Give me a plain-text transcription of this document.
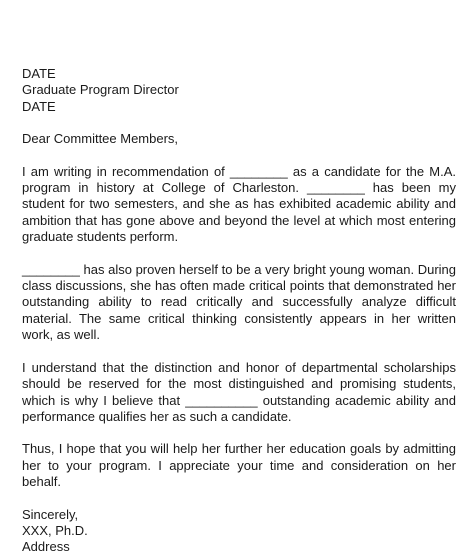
DATE
Graduate Program Director
DATE
Dear Committee Members,

I am writing in recommendation of ________ as a candidate for the M.A. program in history at College of Charleston. ________ has been my student for two semesters, and she as has exhibited academic ability and ambition that has gone above and beyond the level at which most entering graduate students perform.

________ has also proven herself to be a very bright young woman. During class discussions, she has often made critical points that demonstrated her outstanding ability to read critically and successfully analyze difficult material. The same critical thinking consistently appears in her written work, as well.

I understand that the distinction and honor of departmental scholarships should be reserved for the most distinguished and promising students, which is why I believe that __________ outstanding academic ability and performance qualifies her as such a candidate.

Thus, I hope that you will help her further her education goals by admitting her to your program. I appreciate your time and consideration on her behalf.

Sincerely,
XXX, Ph.D.
Address
